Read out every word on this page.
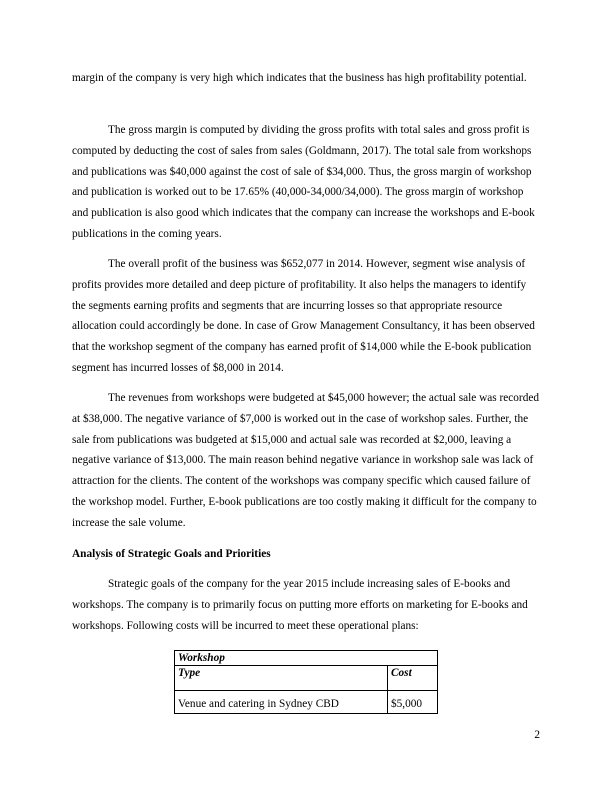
margin of the company is very high which indicates that the business has high profitability potential.

The gross margin is computed by dividing the gross profits with total sales and gross profit is computed by deducting the cost of sales from sales (Goldmann, 2017). The total sale from workshops and publications was $40,000 against the cost of sale of $34,000. Thus, the gross margin of workshop and publication is worked out to be 17.65% (40,000-34,000/34,000). The gross margin of workshop and publication is also good which indicates that the company can increase the workshops and E-book publications in the coming years.

The overall profit of the business was $652,077 in 2014. However, segment wise analysis of profits provides more detailed and deep picture of profitability. It also helps the managers to identify the segments earning profits and segments that are incurring losses so that appropriate resource allocation could accordingly be done. In case of Grow Management Consultancy, it has been observed that the workshop segment of the company has earned profit of $14,000 while the E-book publication segment has incurred losses of $8,000 in 2014.

The revenues from workshops were budgeted at $45,000 however; the actual sale was recorded at $38,000. The negative variance of $7,000 is worked out in the case of workshop sales. Further, the sale from publications was budgeted at $15,000 and actual sale was recorded at $2,000, leaving a negative variance of $13,000. The main reason behind negative variance in workshop sale was lack of attraction for the clients. The content of the workshops was company specific which caused failure of the workshop model. Further, E-book publications are too costly making it difficult for the company to increase the sale volume.

Analysis of Strategic Goals and Priorities

Strategic goals of the company for the year 2015 include increasing sales of E-books and workshops. The company is to primarily focus on putting more efforts on marketing for E-books and workshops. Following costs will be incurred to meet these operational plans:

Workshop	
Type	Cost
Venue and catering in Sydney CBD	$5,000
2
